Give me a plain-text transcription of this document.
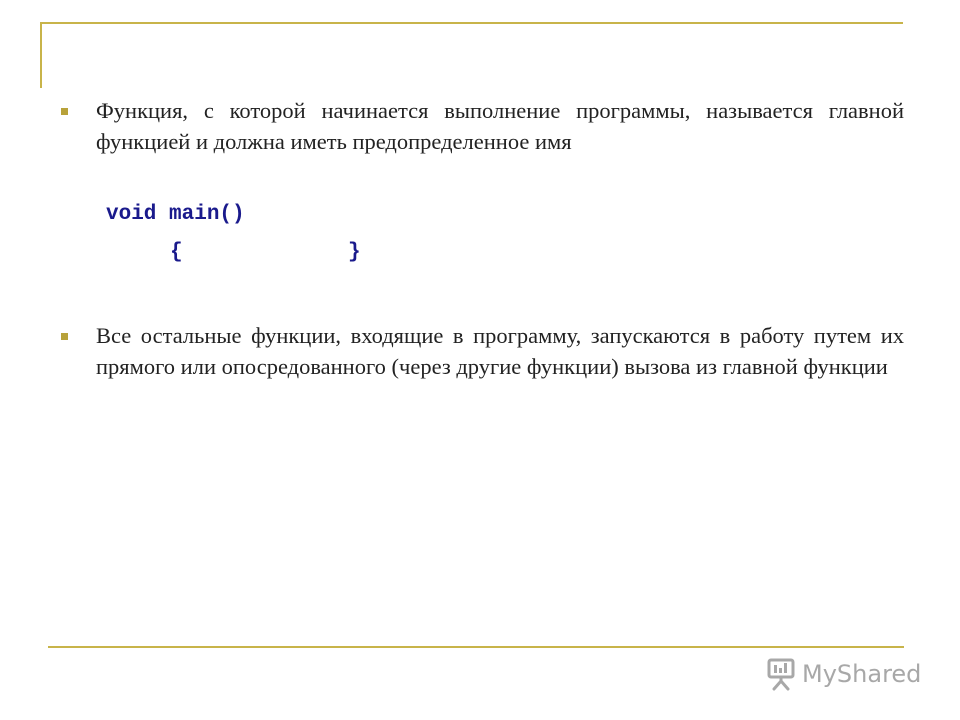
Функция, с которой начинается выполнение программы, называется главной функцией и должна иметь предопределенное имя

void main()
{	}

Все остальные функции, входящие в программу, запускаются в работу путем их прямого или опосредованного (через другие функции) вызова из главной функции

MyShared
